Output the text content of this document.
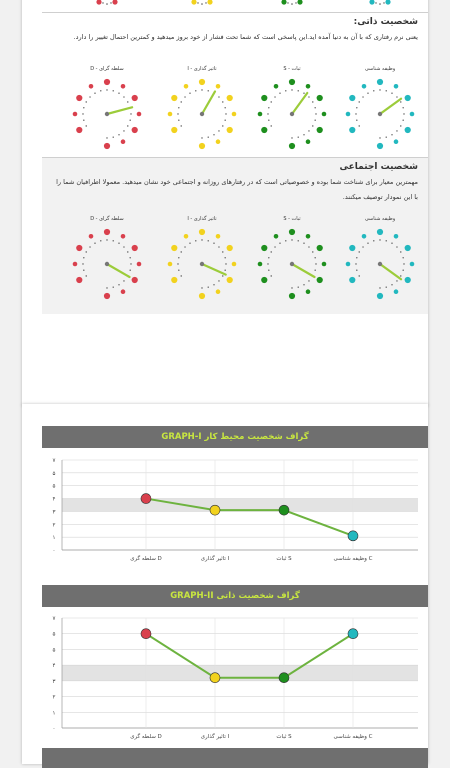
شخصیت ذاتی:
یعنی نرم رفتاری که با آن به دنیا آمده اید.این پاسخی است که شما تحت فشار از خود بروز میدهید و کمترین احتمال تغییر را دارد.
شخصیت اجتماعی
مهمترین معیار برای شناخت شما بوده و خصوصیاتی است که در رفتارهای روزانه و اجتماعی خود نشان میدهید. معمولا اطرافیان شما را با این نمودار توصیف میکنند.
سلطه گرای - D	تاثیر گذاری - I	ثبات - S	وظیفه شناسی
سلطه گرای - D	تاثیر گذاری - I	ثبات - S	وظیفه شناسی
گراف شخصیت محیط کار GRAPH-I
۷
۵
۵
۴
۳
۲
۱
۰
سلطه گری D	تاثیر گذاری I	ثبات S	وظیفه شناسی C
گراف شخصیت ذاتی GRAPH-II
۷
۵
۵
۴
۳
۲
۱
۰
سلطه گری D	تاثیر گذاری I	ثبات S	وظیفه شناسی C
